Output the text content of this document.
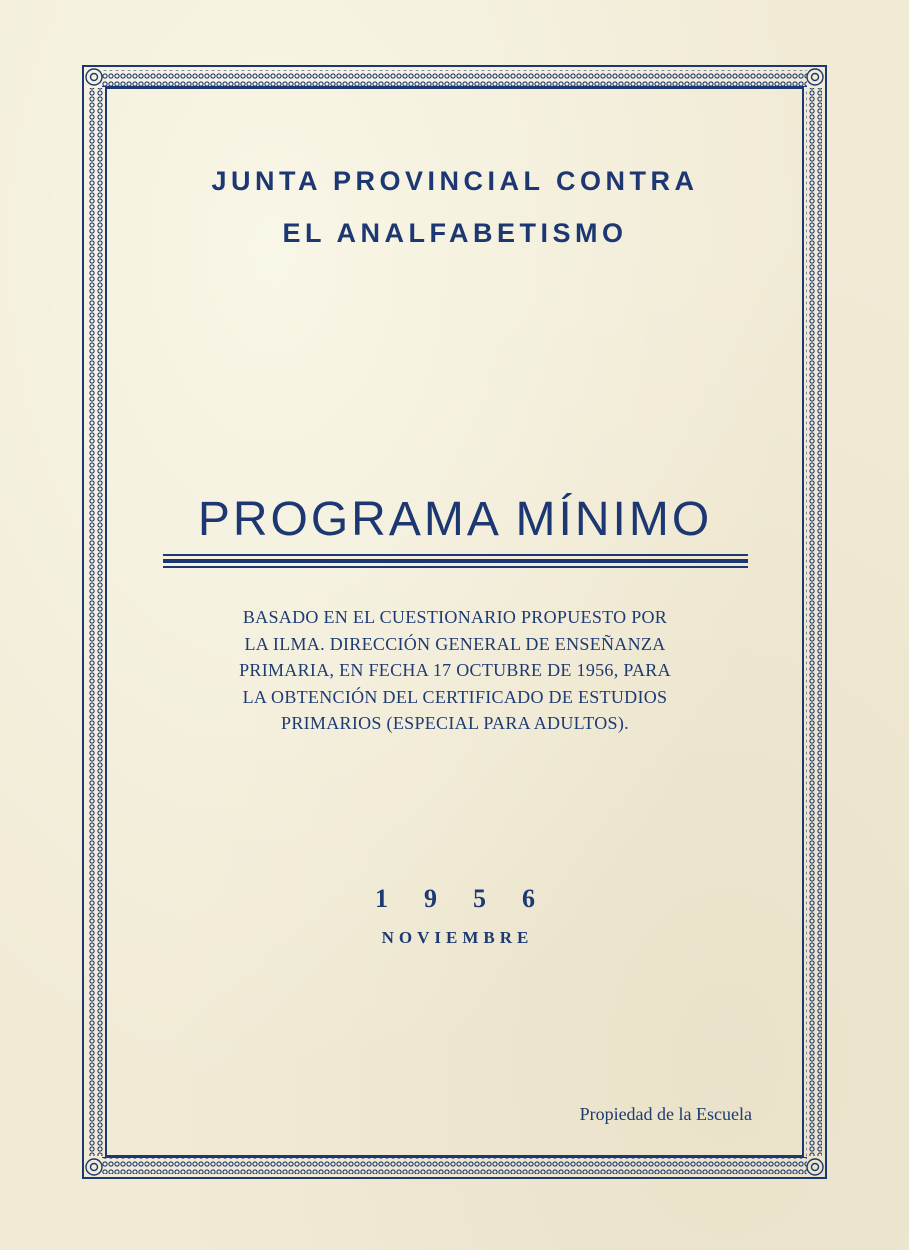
JUNTA PROVINCIAL CONTRA
EL ANALFABETISMO
PROGRAMA MÍNIMO
BASADO EN EL CUESTIONARIO PROPUESTO POR
LA ILMA. DIRECCIÓN GENERAL DE ENSEÑANZA
PRIMARIA, EN FECHA 17 OCTUBRE DE 1956, PARA
LA OBTENCIÓN DEL CERTIFICADO DE ESTUDIOS
PRIMARIOS (ESPECIAL PARA ADULTOS).
1956
NOVIEMBRE
Propiedad de la Escuela
